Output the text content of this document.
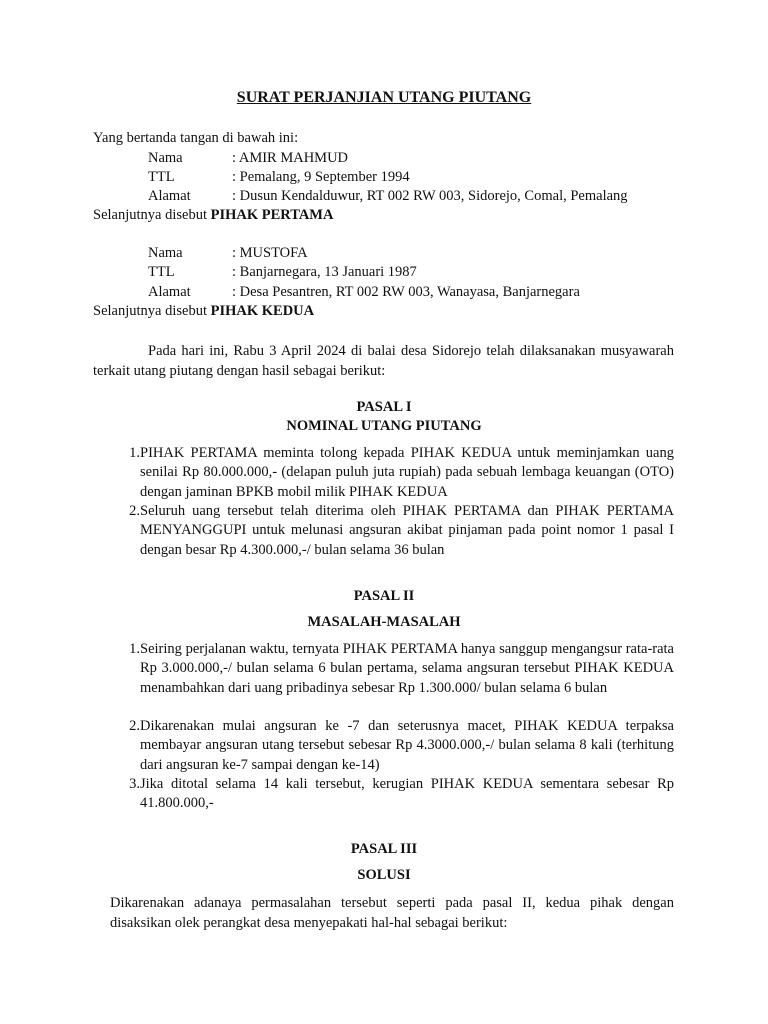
SURAT PERJANJIAN UTANG PIUTANG
Yang bertanda tangan di bawah ini:
Nama	: AMIR MAHMUD
TTL	: Pemalang, 9 September 1994
Alamat	: Dusun Kendalduwur, RT 002 RW 003, Sidorejo, Comal, Pemalang
Selanjutnya disebut PIHAK PERTAMA
Nama	: MUSTOFA
TTL	: Banjarnegara, 13 Januari 1987
Alamat	: Desa Pesantren, RT 002 RW 003, Wanayasa, Banjarnegara
Selanjutnya disebut PIHAK KEDUA
Pada hari ini, Rabu 3 April 2024 di balai desa Sidorejo telah dilaksanakan musyawarah terkait utang piutang dengan hasil sebagai berikut:
PASAL I
NOMINAL UTANG PIUTANG
1. PIHAK PERTAMA meminta tolong kepada PIHAK KEDUA untuk meminjamkan uang senilai Rp 80.000.000,- (delapan puluh juta rupiah) pada sebuah lembaga keuangan (OTO) dengan jaminan BPKB mobil milik PIHAK KEDUA
2. Seluruh uang tersebut telah diterima oleh PIHAK PERTAMA dan PIHAK PERTAMA MENYANGGUPI untuk melunasi angsuran akibat pinjaman pada point nomor 1 pasal I dengan besar Rp 4.300.000,-/ bulan selama 36 bulan
PASAL II
MASALAH-MASALAH
1. Seiring perjalanan waktu, ternyata PIHAK PERTAMA hanya sanggup mengangsur rata-rata Rp 3.000.000,-/ bulan selama 6 bulan pertama, selama angsuran tersebut PIHAK KEDUA menambahkan dari uang pribadinya sebesar Rp 1.300.000/ bulan selama 6 bulan
2. Dikarenakan mulai angsuran ke -7 dan seterusnya macet, PIHAK KEDUA terpaksa membayar angsuran utang tersebut sebesar Rp 4.3000.000,-/ bulan selama 8 kali (terhitung dari angsuran ke-7 sampai dengan ke-14)
3. Jika ditotal selama 14 kali tersebut, kerugian PIHAK KEDUA sementara sebesar Rp 41.800.000,-
PASAL III
SOLUSI
Dikarenakan adanaya permasalahan tersebut seperti pada pasal II, kedua pihak dengan disaksikan olek perangkat desa menyepakati hal-hal sebagai berikut:
